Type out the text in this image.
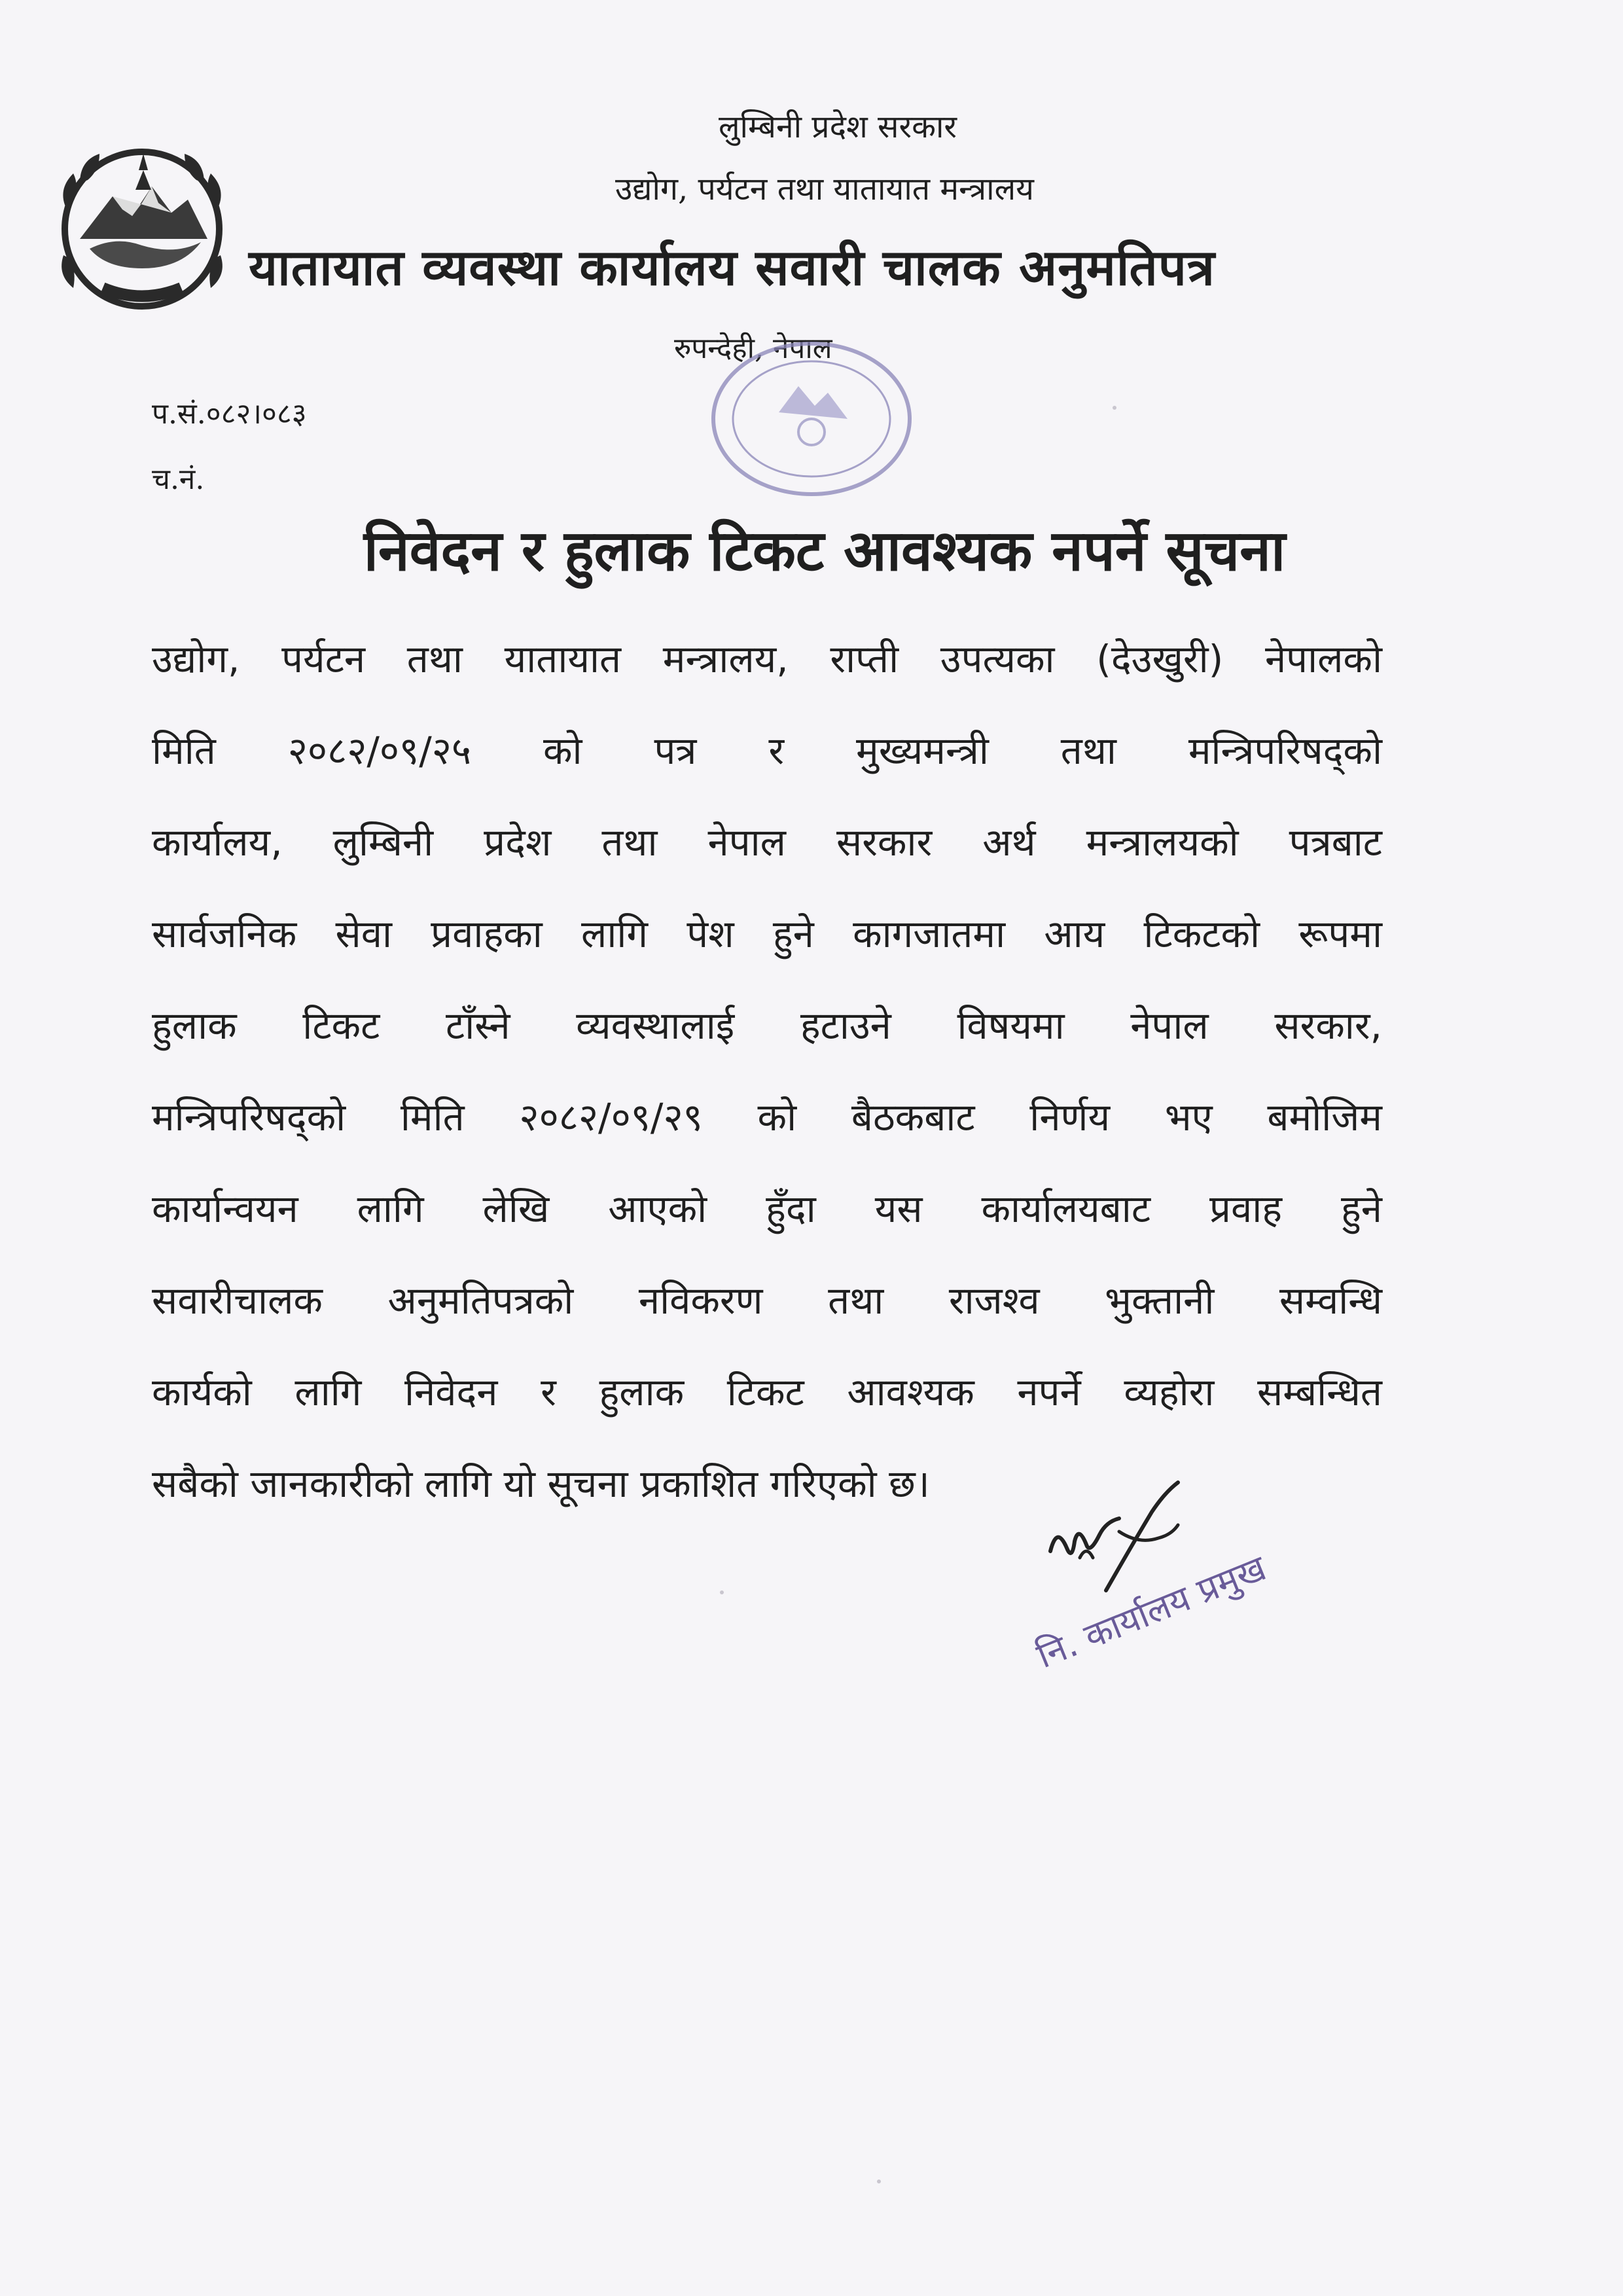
लुम्बिनी प्रदेश सरकार
उद्योग, पर्यटन तथा यातायात मन्त्रालय
यातायात व्यवस्था कार्यालय सवारी चालक अनुमतिपत्र
रुपन्देही, नेपाल
प.सं.०८२।०८३
च.नं.
निवेदन र हुलाक टिकट आवश्यक नपर्ने सूचना
उद्योग, पर्यटन तथा यातायात मन्त्रालय, राप्ती उपत्यका (देउखुरी) नेपालको
मिति २०८२/०९/२५ को पत्र र मुख्यमन्त्री तथा मन्त्रिपरिषद्को
कार्यालय, लुम्बिनी प्रदेश तथा नेपाल सरकार अर्थ मन्त्रालयको पत्रबाट
सार्वजनिक सेवा प्रवाहका लागि पेश हुने कागजातमा आय टिकटको रूपमा
हुलाक टिकट टाँस्ने व्यवस्थालाई हटाउने विषयमा नेपाल सरकार,
मन्त्रिपरिषद्को मिति २०८२/०९/२९ को बैठकबाट निर्णय भए बमोजिम
कार्यान्वयन लागि लेखि आएको हुँदा यस कार्यालयबाट प्रवाह हुने
सवारीचालक अनुमतिपत्रको नविकरण तथा राजश्व भुक्तानी सम्वन्धि
कार्यको लागि निवेदन र हुलाक टिकट आवश्यक नपर्ने व्यहोरा सम्बन्धित
सबैको जानकारीको लागि यो सूचना प्रकाशित गरिएको छ।
नि. कार्यालय प्रमुख
